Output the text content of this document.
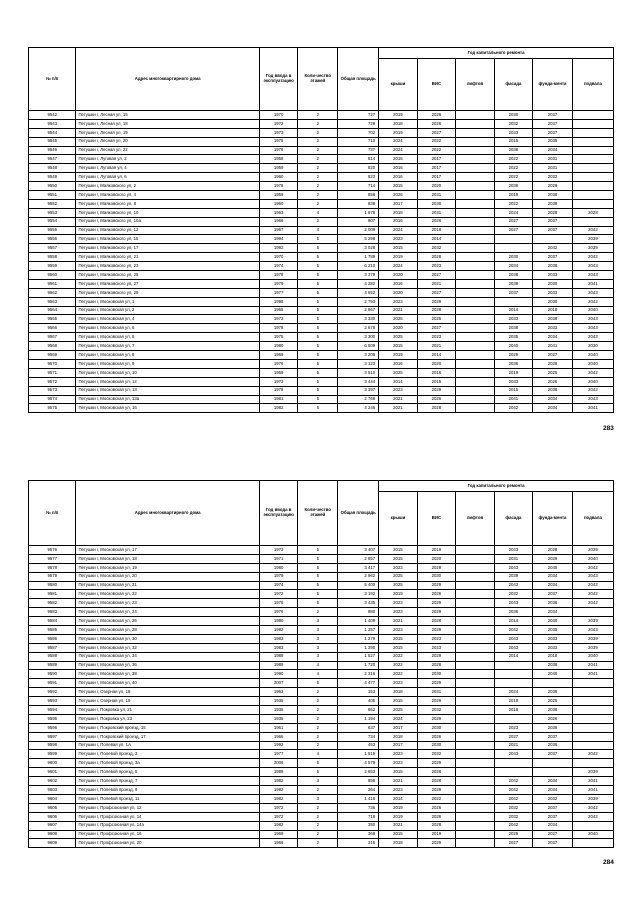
№ п/п	Адрес многоквартирного дома	Год ввода в эксплуатацию	Коли-чество этажей	Общая площадь	Год капитального ремонта					
					крыши	ВИС	лифтов	фасада	фунда-мента	подвала
9542	Петушки г, Лесная ул, 15	1970	2	727	2019	2026		2030	2037	
9543	Петушки г, Лесная ул, 18	1972	2	728	2018	2026		2032	2037	
9544	Петушки г, Лесная ул, 19	1973	2	702	2019	2027		2033	2037	
9545	Петушки г, Лесная ул, 20	1975	2	710	2024	2022		2015	2035	
9546	Петушки г, Лесная ул, 22	1976	2	737	2024	2022		2036	2034	
9547	Петушки г, Луговая ул, 2	1958	2	814	2016	2017		2022	2031	
9548	Петушки г, Луговая ул, 4	1959	2	820	2016	2017		2022	2031	
9549	Петушки г, Луговая ул, 6	1960	2	823	2016	2017		2022	2032	
9550	Петушки г, Маяковского ул, 2	1976	2	714	2015	2020		2036	2029	
9551	Петушки г, Маяковского ул, 4	1959	2	858	2026	2031		2019	2038	
9552	Петушки г, Маяковского ул, 8	1960	2	838	2017	2030		2022	2038	
9553	Петушки г, Маяковского ул, 10	1963	4	1 878	2018	2031		2024	2028	2028
9554	Петушки г, Маяковского ул, 10а	1966	2	807	2016	2026		2027	2037	
9555	Петушки г, Маяковского ул, 12	1967	4	2 009	2024	2018		2027	2037	2042
9556	Петушки г, Маяковского ул, 15	1994	5	5 298	2023	2014				2039
9557	Петушки г, Маяковского ул, 17	1992	5	3 028	2015	2032			2042	2039
9558	Петушки г, Маяковского ул, 21	1970	5	1 789	2019	2028		2030	2037	2042
9559	Петушки г, Маяковского ул, 23	1974	5	6 210	2024	2023		2034	2038	2043
9560	Петушки г, Маяковского ул, 25	1978	5	3 379	2020	2027		2038	2033	2043
9561	Петушки г, Маяковского ул, 27	1979	5	4 282	2016	2021		2039	2030	2041
9562	Петушки г, Маяковского ул, 29	1977	5	4 552	2020	2027		2037	2033	2043
9563	Петушки г, Московская ул, 1	1998	5	2 793	2023	2029			2030	2042
9564	Петушки г, Московская ул, 2	1965	5	2 867	2021	2028		2014	2018	2040
9565	Петушки г, Московская ул, 4	1973	5	3 330	2026	2025		2033	2038	2043
9566	Петушки г, Московская ул, 6	1978	5	2 678	2020	2027		2038	2033	2043
9567	Петушки г, Московская ул, 8	1975	5	3 300	2025	2023		2035	2034	2043
9568	Петушки г, Московская ул, 7	1980	5	6 509	2015	2021		2040	2041	2030
9569	Петушки г, Московская ул, 8	1969	5	3 208	2019	2014		2029	2027	2040
9570	Петушки г, Московская ул, 9	1976	5	3 123	2016	2020		2036	2029	2040
9571	Петушки г, Московская ул, 10	1959	5	3 510	2025	2016		2019	2025	2042
9572	Петушки г, Московская ул, 12	1973	5	3 444	2014	2015		2033	2026	2040
9573	Петушки г, Московская ул, 13	1978	5	3 397	2023	2029		2015	2038	2042
9574	Петушки г, Московская ул, 13а	1981	5	2 768	2021	2026		2041	2034	2043
9575	Петушки г, Московская ул, 16	1982	5	4 246	2021	2028		2042	2034	2041
283
№ п/п	Адрес многоквартирного дома	Год ввода в эксплуатацию	Коли-чество этажей	Общая площадь	Год капитального ремонта					
					крыши	ВИС	лифтов	фасада	фунда-мента	подвала
9576	Петушки г, Московская ул, 17	1973	5	3 407	2015	2019		2043	2028	2039
9577	Петушки г, Московская ул, 18	1971	5	2 857	2015	2020		2031	2029	2040
9578	Петушки г, Московская ул, 19	1980	5	3 417	2023	2029		2043	2040	2042
9579	Петушки г, Московская ул, 20	1979	5	2 962	2025	2030		2039	2034	2043
9580	Петушки г, Московская ул, 21	1974	5	5 400	2025	2029		2043	2034	2042
9581	Петушки г, Московская ул, 22	1972	5	3 192	2019	2026		2032	2037	2042
9582	Петушки г, Московская ул, 23	1976	5	3 435	2023	2029		2043	2036	2042
9583	Петушки г, Московская ул, 24	1976	2	880	2023	2029		2036	2034	
9584	Петушки г, Московская ул, 26	1980	3	1 409	2021	2028		2014	2040	2039
9585	Петушки г, Московская ул, 28	1982	3	1 257	2023	2029		2042	2035	2043
9586	Петушки г, Московская ул, 30	1983	3	1 279	2015	2023		2043	2033	2039
9587	Петушки г, Московская ул, 32	1983	3	1 290	2015	2023		2043	2033	2039
9588	Петушки г, Московская ул, 34	1988	3	1 527	2022	2029		2014	2018	2040
9589	Петушки г, Московская ул, 36	1989	4	1 720	2022	2028			2038	2041
9590	Петушки г, Московская ул, 38	1990	4	2 316	2022	2030			2040	2041
9591	Петушки г, Московская ул, 40	2007	5	4 477	2023	2029				
9592	Петушки г, Озерная ул, 18	1963	2	153	2018	2031		2024	2036	
9593	Петушки г, Озерная ул, 19	1935	2	405	2015	2029		2018	2025	
9594	Петушки г, Покровка ул, 21	1935	2	862	2025	2032		2018	2038	
9595	Петушки г, Покровка ул, 23	1935	2	1 194	2024	2029			2026	
9596	Петушки г, Покровский проезд, 15	1961	2	637	2017	2030		2023	2036	
9597	Петушки г, Покровский проезд, 17	1966	2	734	2018	2026		2027	2037	
9598	Петушки г, Полевая ул, 1А	1992	2	453	2017	2030		2021	2036	
9599	Петушки г, Полевой проезд, 3	1977	4	1 519	2023	2032		2043	2037	2042
9600	Петушки г, Полевой проезд, 3а	2006	5	4 579	2023	2029				
9601	Петушки г, Полевой проезд, 5	1988	5	2 653	2015	2028				2039
9602	Петушки г, Полевой проезд, 7	1982	3	858	2021	2028		2042	2034	2041
9603	Петушки г, Полевой проезд, 9	1982	2	364	2023	2029		2042	2034	2041
9604	Петушки г, Полевой проезд, 11	1982	3	1 416	2014	2022		2042	2032	2039
9605	Петушки г, Профсоюзная ул, 12	1972	2	736	2019	2026		2032	2037	2042
9606	Петушки г, Профсоюзная ул, 14	1972	2	718	2019	2026		2032	2037	2042
9607	Петушки г, Профсоюзная ул, 14а	1982	2	350	2021	2028		2042	2034	
9608	Петушки г, Профсоюзная ул, 16	1969	2	368	2015	2019		2029	2027	2040
9609	Петушки г, Профсоюзная ул, 20	1966	2	316	2018	2029		2027	2037	
284
